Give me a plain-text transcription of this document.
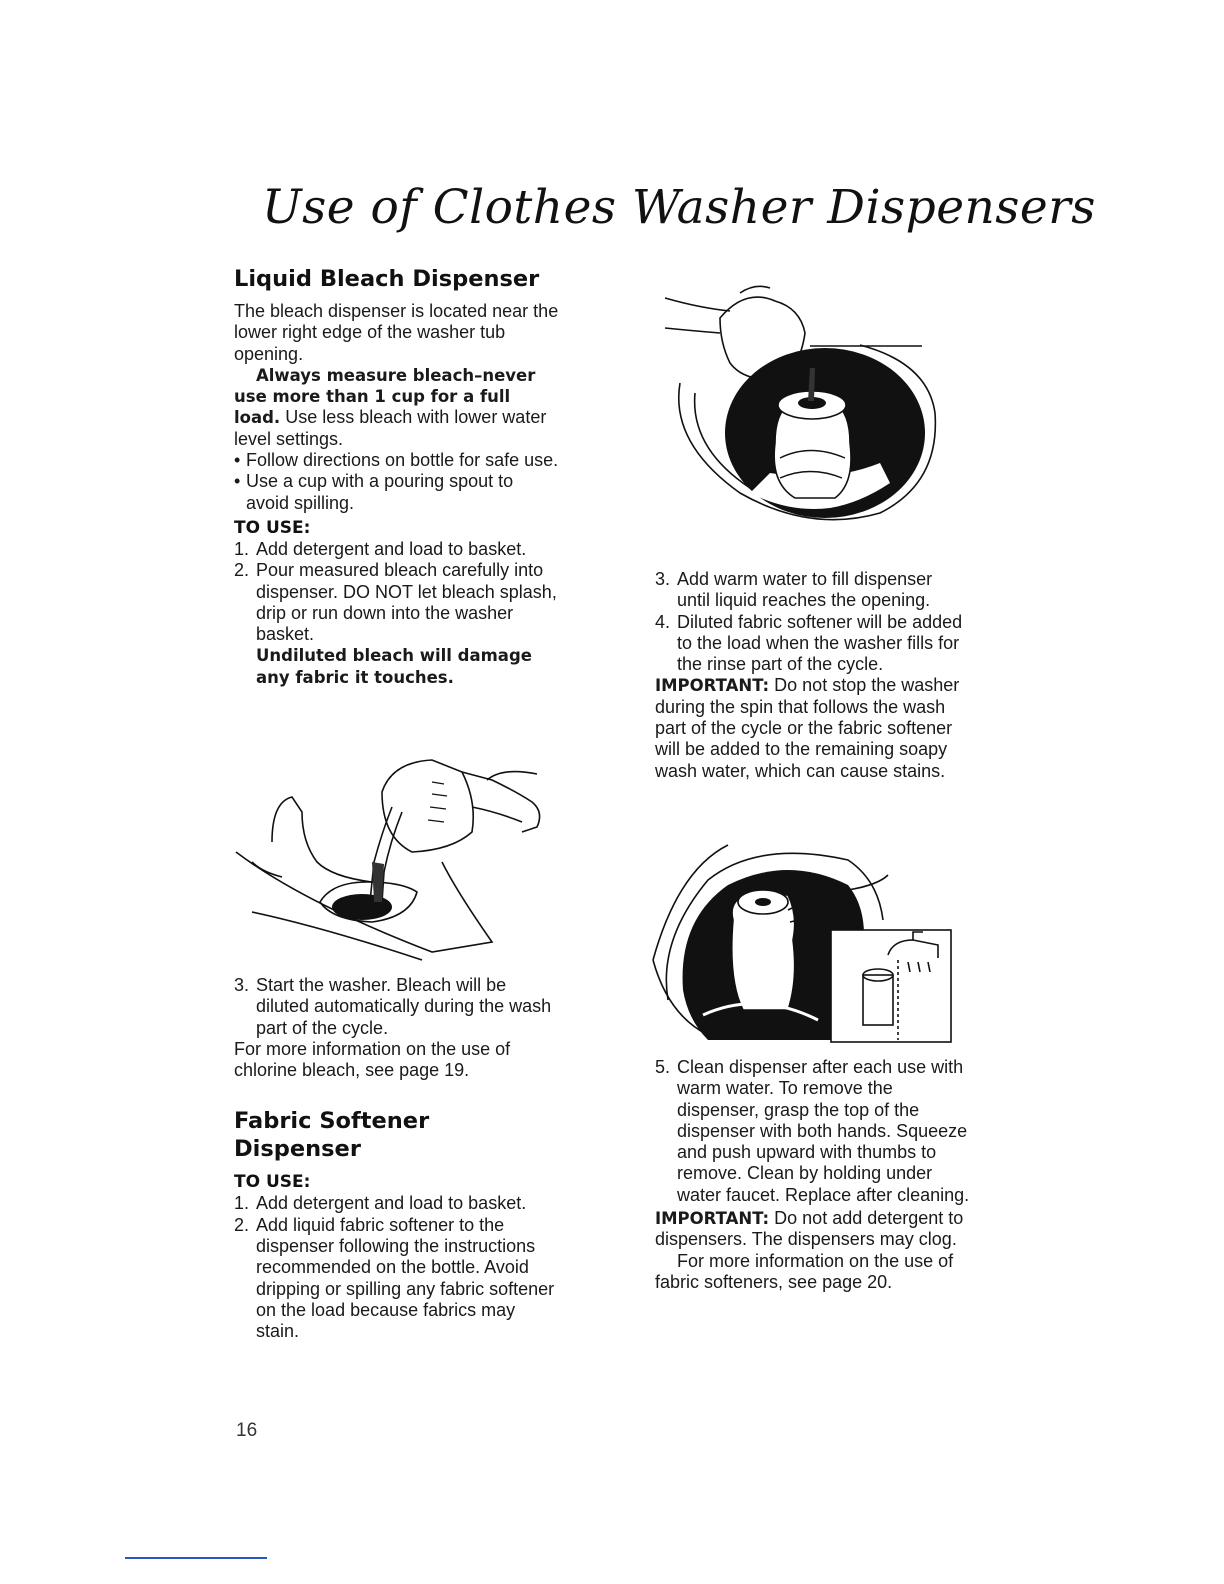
Use of Clothes Washer Dispensers
Liquid Bleach Dispenser

The bleach dispenser is located near the lower right edge of the washer tub opening.

Always measure bleach–never use more than 1 cup for a full load. Use less bleach with lower water level settings.

• Follow directions on bottle for safe use.
• Use a cup with a pouring spout to avoid spilling.
TO USE:
1. Add detergent and load to basket.
2. Pour measured bleach carefully into dispenser. DO NOT let bleach splash, drip or run down into the washer basket.
Undiluted bleach will damage any fabric it touches.
3. Start the washer. Bleach will be diluted automatically during the wash part of the cycle.

For more information on the use of chlorine bleach, see page 19.

Fabric Softener Dispenser
TO USE:
1. Add detergent and load to basket.
2. Add liquid fabric softener to the dispenser following the instructions recommended on the bottle. Avoid dripping or spilling any fabric softener on the load because fabrics may stain.
3. Add warm water to fill dispenser until liquid reaches the opening.
4. Diluted fabric softener will be added to the load when the washer fills for the rinse part of the cycle.

IMPORTANT: Do not stop the washer during the spin that follows the wash part of the cycle or the fabric softener will be added to the remaining soapy wash water, which can cause stains.

5. Clean dispenser after each use with warm water. To remove the dispenser, grasp the top of the dispenser with both hands. Squeeze and push upward with thumbs to remove. Clean by holding under water faucet. Replace after cleaning.

IMPORTANT: Do not add detergent to dispensers. The dispensers may clog.

For more information on the use of fabric softeners, see page 20.

16
